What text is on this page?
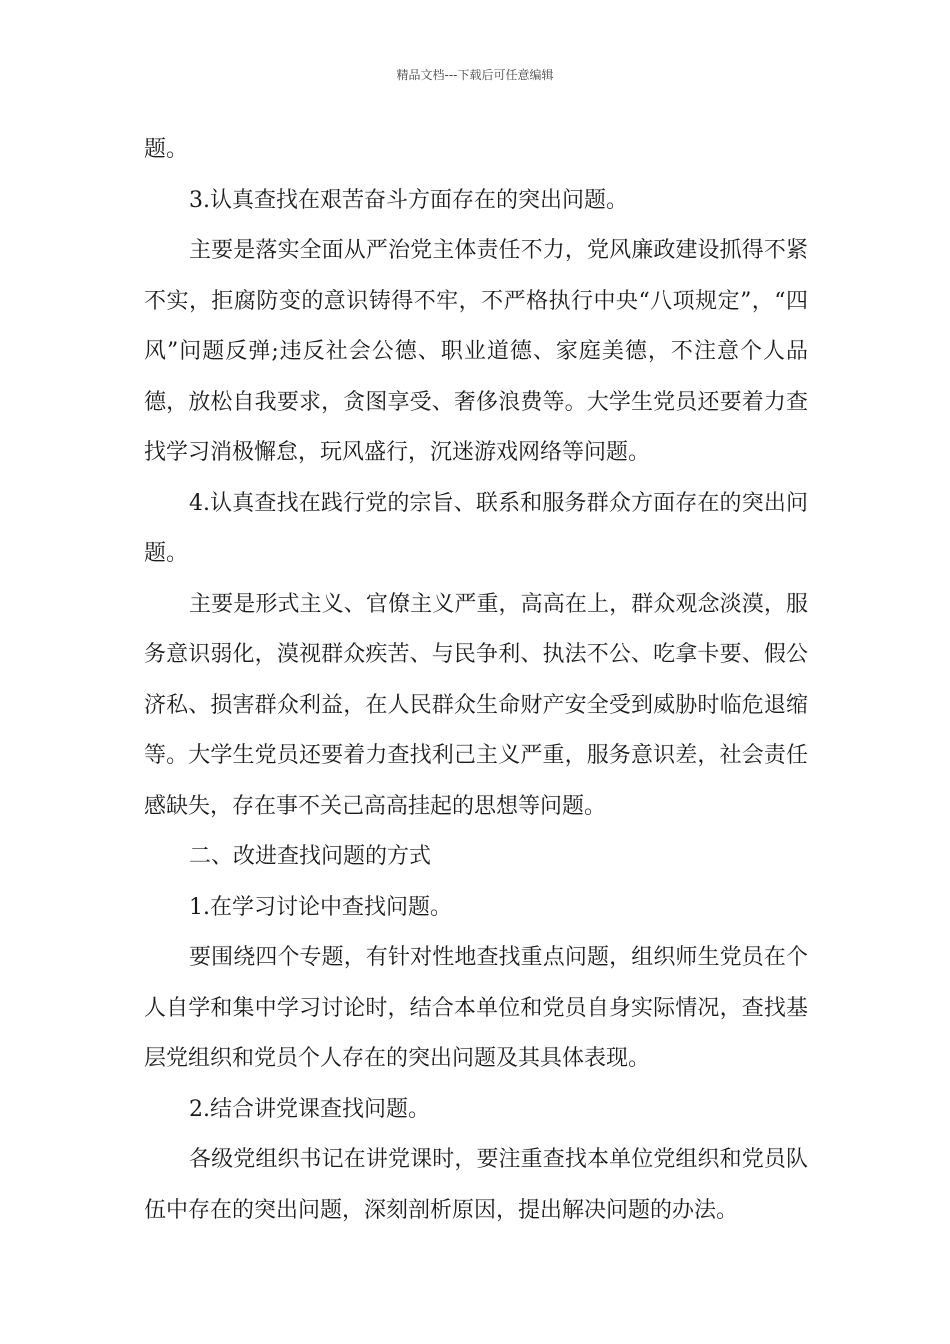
精品文档---下载后可任意编辑

题。

3.认真查找在艰苦奋斗方面存在的突出问题。

主要是落实全面从严治党主体责任不力，党风廉政建设抓得不紧不实，拒腐防变的意识铸得不牢，不严格执行中央“八项规定”，“四风”问题反弹;违反社会公德、职业道德、家庭美德，不注意个人品德，放松自我要求，贪图享受、奢侈浪费等。大学生党员还要着力查找学习消极懈怠，玩风盛行，沉迷游戏网络等问题。

4.认真查找在践行党的宗旨、联系和服务群众方面存在的突出问题。

主要是形式主义、官僚主义严重，高高在上，群众观念淡漠，服务意识弱化，漠视群众疾苦、与民争利、执法不公、吃拿卡要、假公济私、损害群众利益，在人民群众生命财产安全受到威胁时临危退缩等。大学生党员还要着力查找利己主义严重，服务意识差，社会责任感缺失，存在事不关己高高挂起的思想等问题。

二、改进查找问题的方式

1.在学习讨论中查找问题。

要围绕四个专题，有针对性地查找重点问题，组织师生党员在个人自学和集中学习讨论时，结合本单位和党员自身实际情况，查找基层党组织和党员个人存在的突出问题及其具体表现。

2.结合讲党课查找问题。

各级党组织书记在讲党课时，要注重查找本单位党组织和党员队伍中存在的突出问题，深刻剖析原因，提出解决问题的办法。
